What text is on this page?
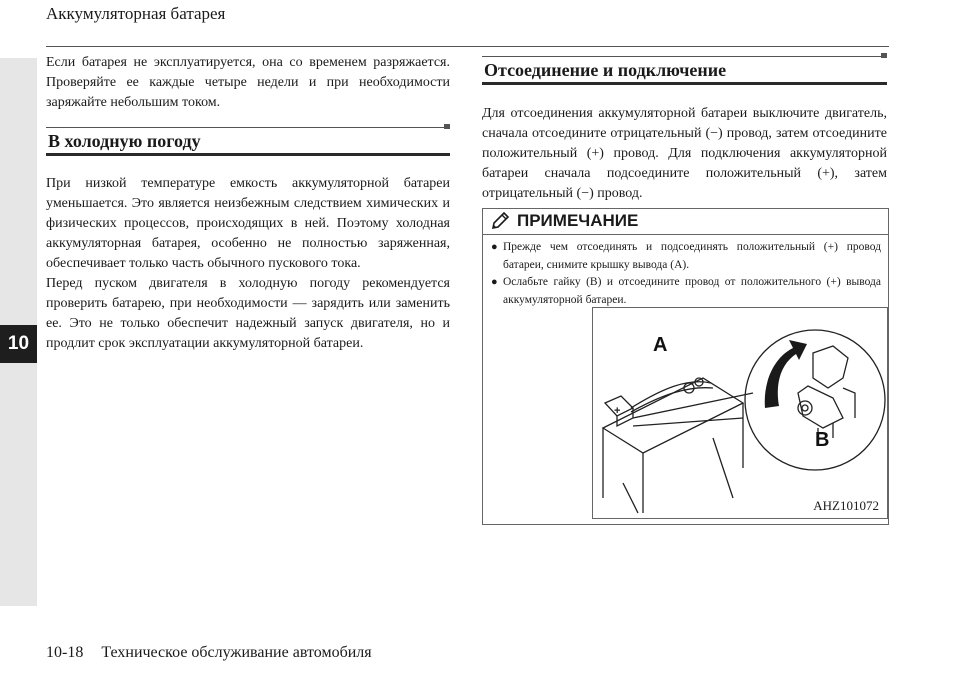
10
Аккумуляторная батарея

Если батарея не эксплуатируется, она со временем разряжается. Проверяйте ее каждые четыре недели и при необходимости заряжайте небольшим током.

В холодную погоду

При низкой температуре емкость аккумуляторной батареи уменьшается. Это является неизбежным следствием химических и физических процессов, происходящих в ней. Поэтому холодная аккумуляторная батарея, особенно не полностью заряженная, обеспечивает только часть обычного пускового тока.

Перед пуском двигателя в холодную погоду рекомендуется проверить батарею, при необходимости — зарядить или заменить ее. Это не только обеспечит надежный запуск двигателя, но и продлит срок эксплуатации аккумуляторной батареи.

Отсоединение и подключение

Для отсоединения аккумуляторной батареи выключите двигатель, сначала отсоедините отрицательный (−) провод, затем отсоедините положительный (+) провод. Для подключения аккумуляторной батареи сначала подсоедините положительный (+), затем отрицательный (−) провод.

ПРИМЕЧАНИЕ
● Прежде чем отсоединять и подсоединять положительный (+) провод батареи, снимите крышку вывода (A).
● Ослабьте гайку (B) и отсоедините провод от положительного (+) вывода аккумуляторной батареи.
+
A
B
AHZ101072
10-18 Техническое обслуживание автомобиля
